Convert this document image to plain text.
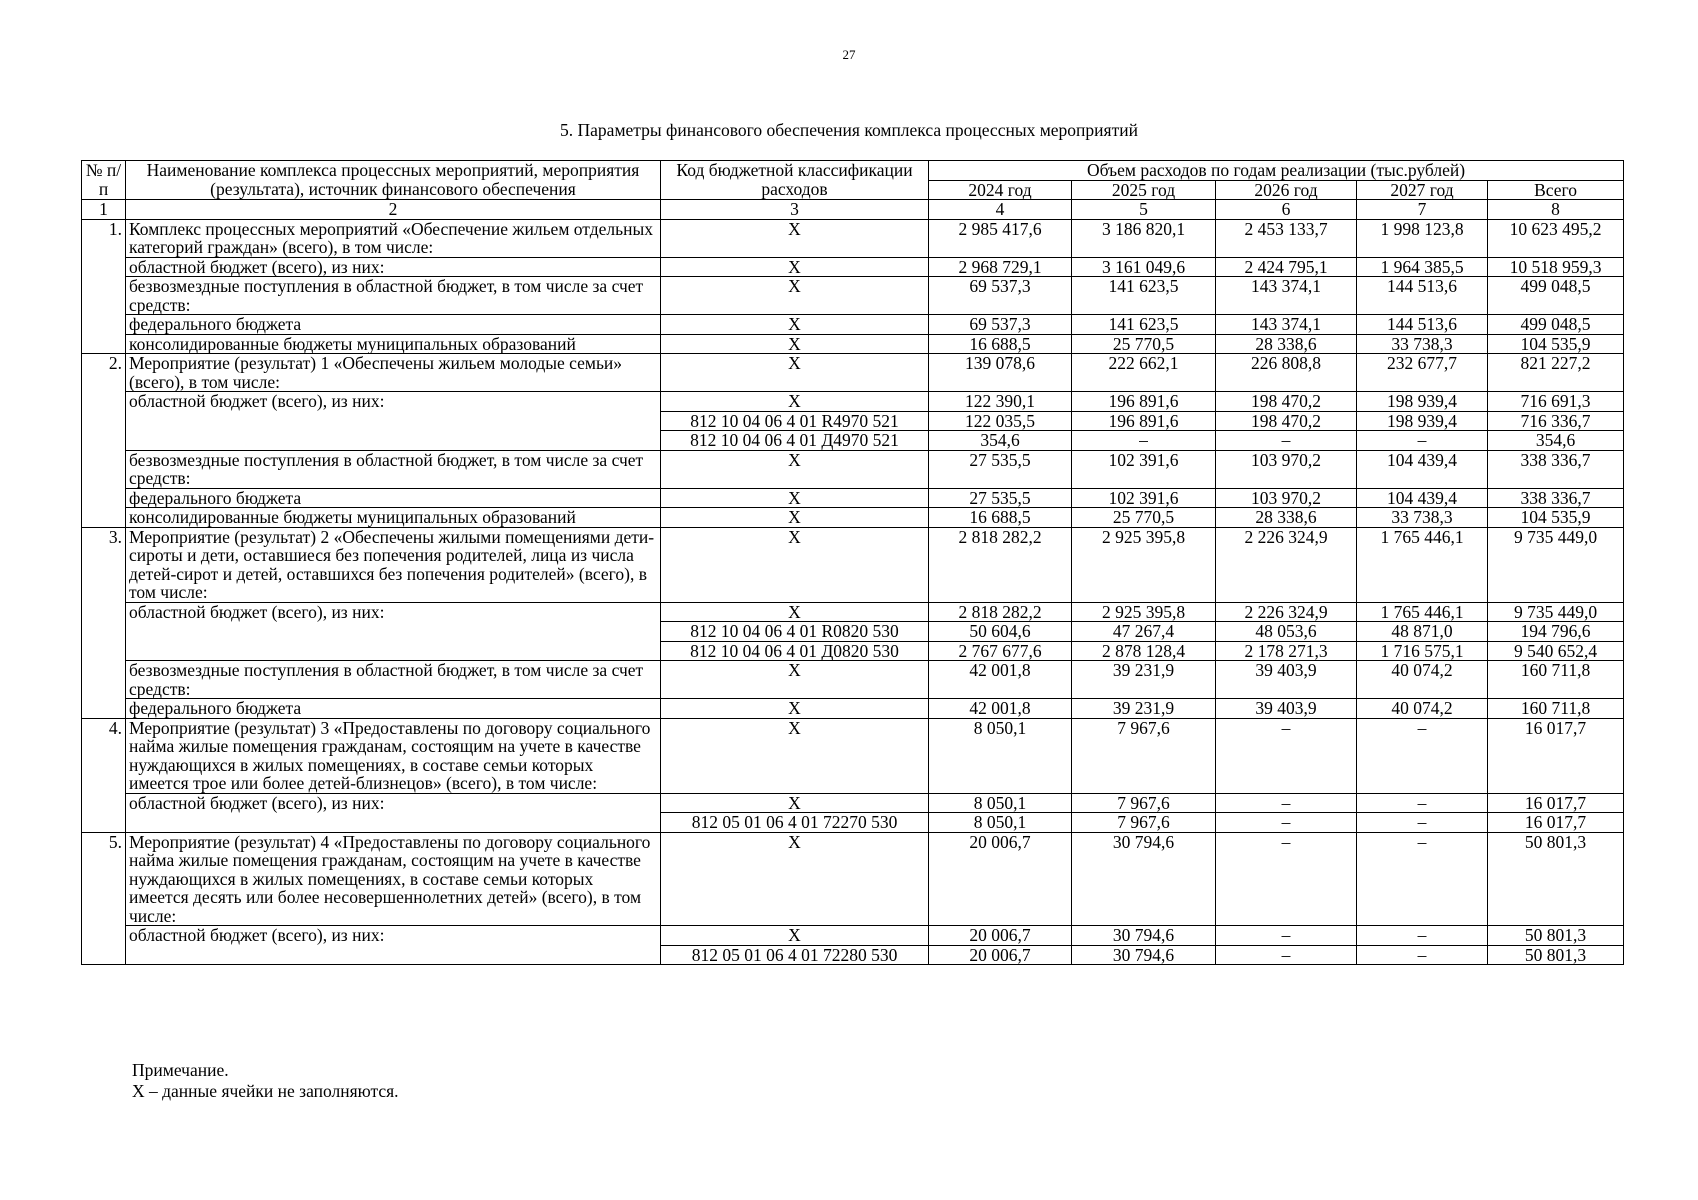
27
5. Параметры финансового обеспечения комплекса процессных мероприятий
№ п/п	Наименование комплекса процессных мероприятий, мероприятия (результата), источник финансового обеспечения	Код бюджетной классификации расходов	Объем расходов по годам реализации (тыс.рублей)				
			2024 год	2025 год	2026 год	2027 год	Всего
1	2	3	4	5	6	7	8
1.	Комплекс процессных мероприятий «Обеспечение жильем отдельных категорий граждан» (всего), в том числе:	Х	2 985 417,6	3 186 820,1	2 453 133,7	1 998 123,8	10 623 495,2
	областной бюджет (всего), из них:	Х	2 968 729,1	3 161 049,6	2 424 795,1	1 964 385,5	10 518 959,3
	безвозмездные поступления в областной бюджет, в том числе за счет средств:	Х	69 537,3	141 623,5	143 374,1	144 513,6	499 048,5
	федерального бюджета	Х	69 537,3	141 623,5	143 374,1	144 513,6	499 048,5
	консолидированные бюджеты муниципальных образований	Х	16 688,5	25 770,5	28 338,6	33 738,3	104 535,9
2.	Мероприятие (результат) 1 «Обеспечены жильем молодые семьи» (всего), в том числе:	Х	139 078,6	222 662,1	226 808,8	232 677,7	821 227,2
	областной бюджет (всего), из них:	Х	122 390,1	196 891,6	198 470,2	198 939,4	716 691,3
		812 10 04 06 4 01 R4970 521	122 035,5	196 891,6	198 470,2	198 939,4	716 336,7
		812 10 04 06 4 01 Д4970 521	354,6	–	–	–	354,6
	безвозмездные поступления в областной бюджет, в том числе за счет средств:	Х	27 535,5	102 391,6	103 970,2	104 439,4	338 336,7
	федерального бюджета	Х	27 535,5	102 391,6	103 970,2	104 439,4	338 336,7
	консолидированные бюджеты муниципальных образований	Х	16 688,5	25 770,5	28 338,6	33 738,3	104 535,9
3.	Мероприятие (результат) 2 «Обеспечены жилыми помещениями дети-сироты и дети, оставшиеся без попечения родителей, лица из числа детей-сирот и детей, оставшихся без попечения родителей» (всего), в том числе:	Х	2 818 282,2	2 925 395,8	2 226 324,9	1 765 446,1	9 735 449,0
	областной бюджет (всего), из них:	Х	2 818 282,2	2 925 395,8	2 226 324,9	1 765 446,1	9 735 449,0
		812 10 04 06 4 01 R0820 530	50 604,6	47 267,4	48 053,6	48 871,0	194 796,6
		812 10 04 06 4 01 Д0820 530	2 767 677,6	2 878 128,4	2 178 271,3	1 716 575,1	9 540 652,4
	безвозмездные поступления в областной бюджет, в том числе за счет средств:	Х	42 001,8	39 231,9	39 403,9	40 074,2	160 711,8
	федерального бюджета	Х	42 001,8	39 231,9	39 403,9	40 074,2	160 711,8
4.	Мероприятие (результат) 3 «Предоставлены по договору социального найма жилые помещения гражданам, состоящим на учете в качестве нуждающихся в жилых помещениях, в составе семьи которых имеется трое или более детей-близнецов» (всего), в том числе:	Х	8 050,1	7 967,6	–	–	16 017,7
	областной бюджет (всего), из них:	Х	8 050,1	7 967,6	–	–	16 017,7
		812 05 01 06 4 01 72270 530	8 050,1	7 967,6	–	–	16 017,7
5.	Мероприятие (результат) 4 «Предоставлены по договору социального найма жилые помещения гражданам, состоящим на учете в качестве нуждающихся в жилых помещениях, в составе семьи которых имеется десять или более несовершеннолетних детей» (всего), в том числе:	Х	20 006,7	30 794,6	–	–	50 801,3
	областной бюджет (всего), из них:	Х	20 006,7	30 794,6	–	–	50 801,3
		812 05 01 06 4 01 72280 530	20 006,7	30 794,6	–	–	50 801,3
Примечание.
Х – данные ячейки не заполняются.
